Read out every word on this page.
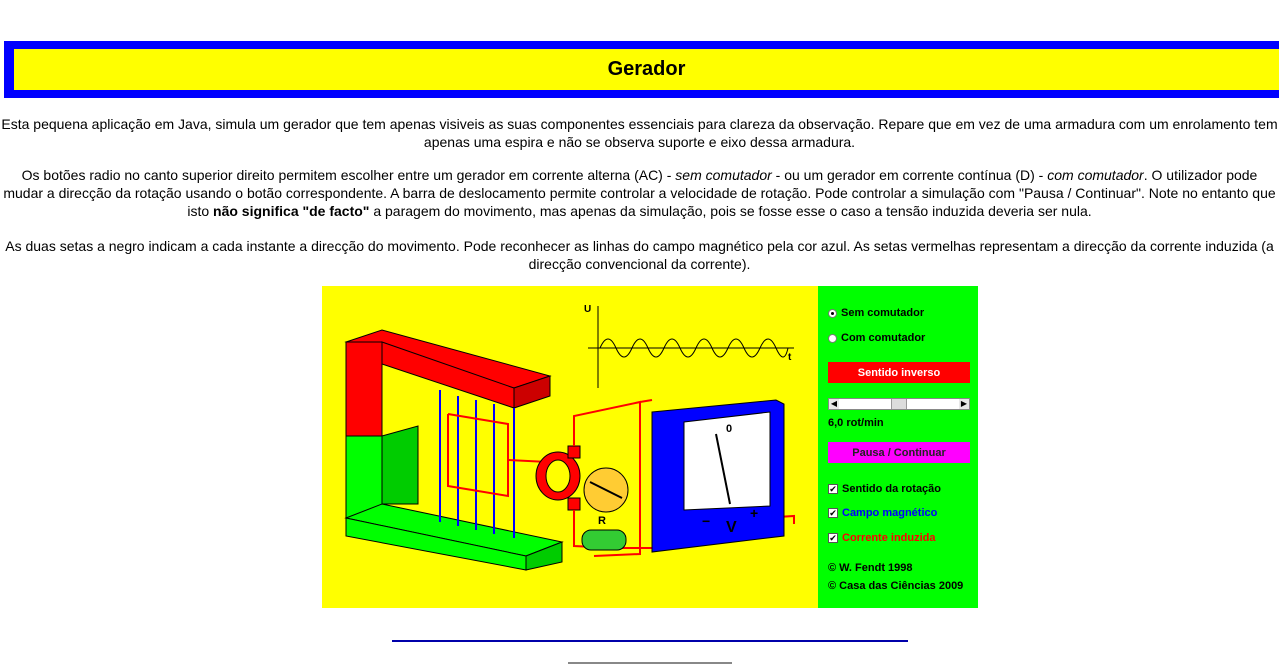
Gerador

Esta pequena aplicação em Java, simula um gerador que tem apenas visiveis as suas componentes essenciais para clareza da observação. Repare que em vez de uma armadura com um enrolamento tem apenas uma espira e não se observa suporte e eixo dessa armadura.

Os botões radio no canto superior direito permitem escolher entre um gerador em corrente alterna (AC) - sem comutador - ou um gerador em corrente contínua (D) - com comutador. O utilizador pode mudar a direcção da rotação usando o botão correspondente. A barra de deslocamento permite controlar a velocidade de rotação. Pode controlar a simulação com "Pausa / Continuar". Note no entanto que isto não significa "de facto" a paragem do movimento, mas apenas da simulação, pois se fosse esse o caso a tensão induzida deveria ser nula.

As duas setas a negro indicam a cada instante a direcção do movimento. Pode reconhecer as linhas do campo magnético pela cor azul. As setas vermelhas representam a direcção da corrente induzida (a direcção convencional da corrente).

R
0
− V
+
U
t
Sem comutador
Com comutador
Sentido inverso
◀	▶
6,0 rot/min
Pausa / Continuar
✔ Sentido da rotação
✔ Campo magnético
✔ Corrente induzida
© W. Fendt 1998
© Casa das Ciências 2009
